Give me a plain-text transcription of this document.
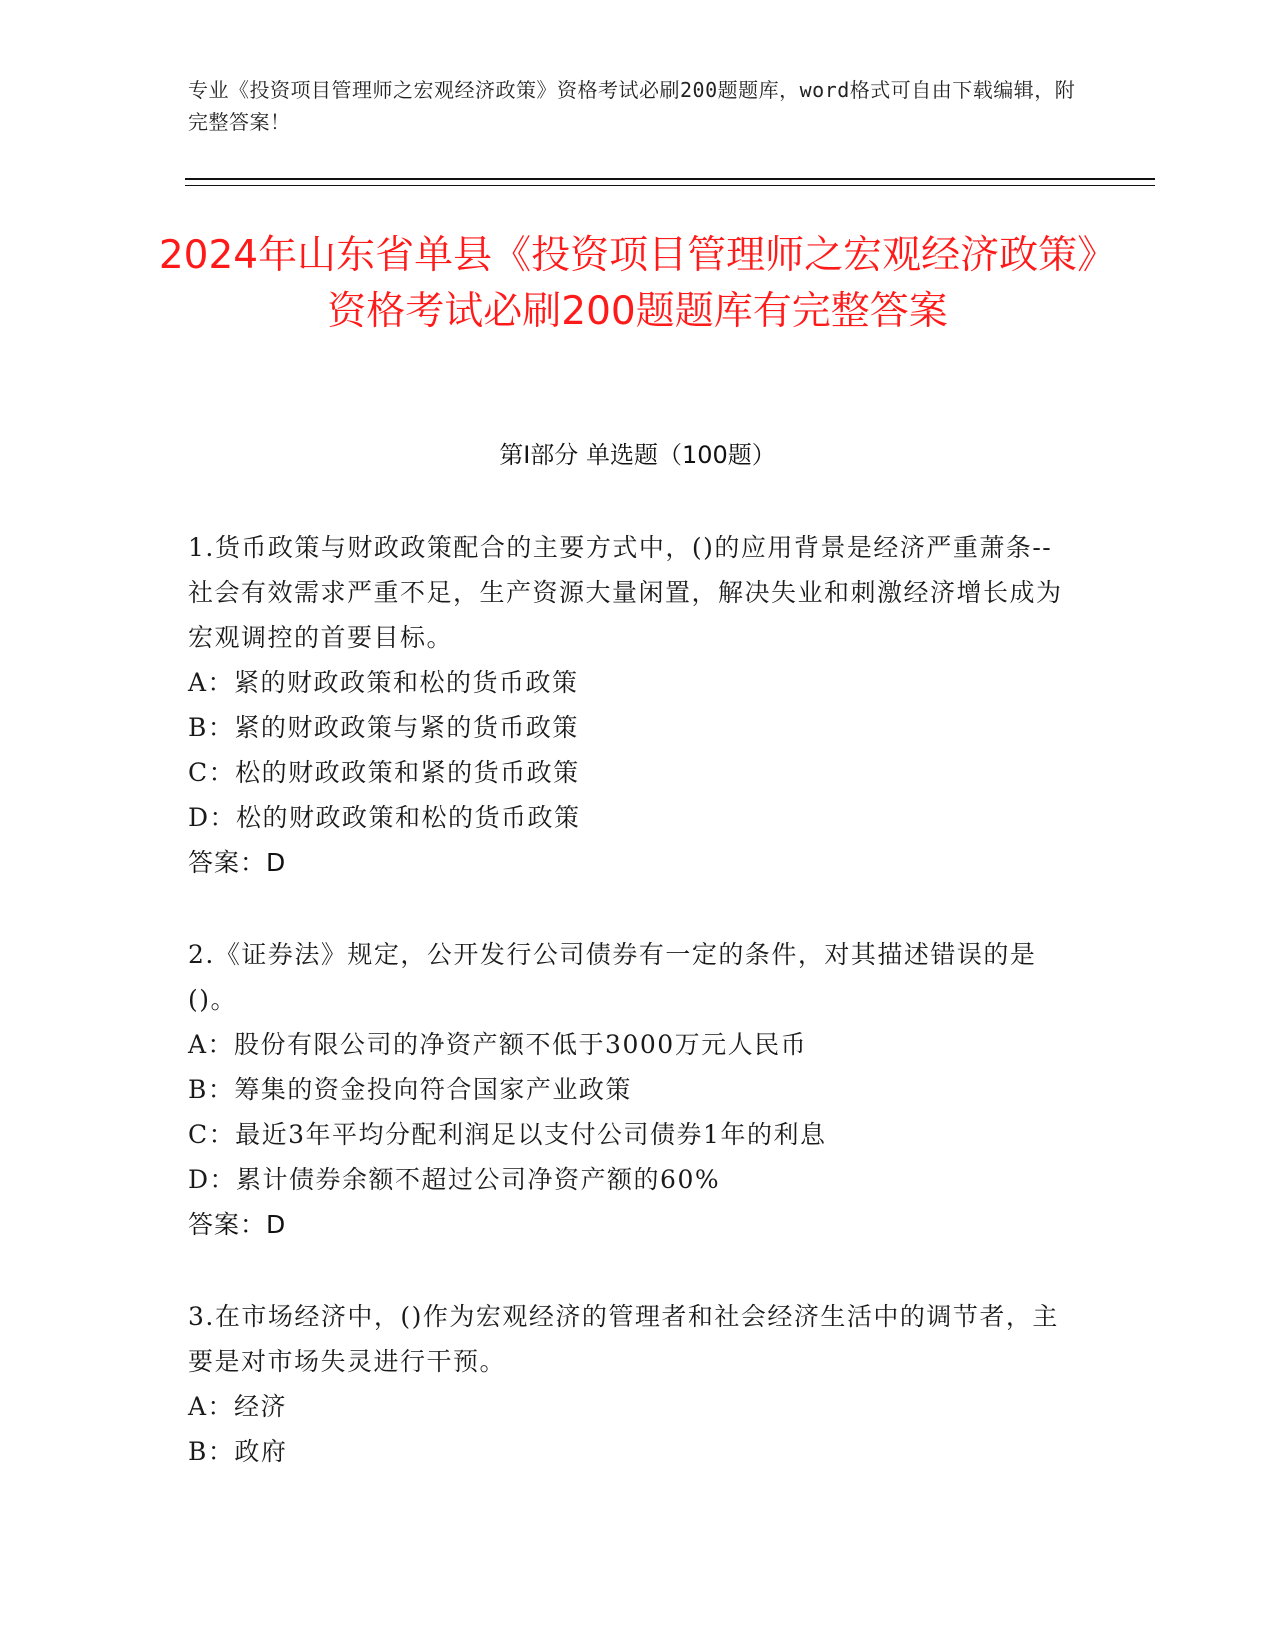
专业《投资项目管理师之宏观经济政策》资格考试必刷200题题库，word格式可自由下载编辑，附完整答案！
2024年山东省单县《投资项目管理师之宏观经济政策》资格考试必刷200题题库有完整答案
第I部分 单选题（100题）
1.货币政策与财政政策配合的主要方式中，()的应用背景是经济严重萧条--社会有效需求严重不足，生产资源大量闲置，解决失业和刺激经济增长成为宏观调控的首要目标。
A：紧的财政政策和松的货币政策
B：紧的财政政策与紧的货币政策
C：松的财政政策和紧的货币政策
D：松的财政政策和松的货币政策
答案：D
2.《证券法》规定，公开发行公司债券有一定的条件，对其描述错误的是()。
A：股份有限公司的净资产额不低于3000万元人民币
B：筹集的资金投向符合国家产业政策
C：最近3年平均分配利润足以支付公司债券1年的利息
D：累计债券余额不超过公司净资产额的60%
答案：D
3.在市场经济中，()作为宏观经济的管理者和社会经济生活中的调节者，主要是对市场失灵进行干预。
A：经济
B：政府
